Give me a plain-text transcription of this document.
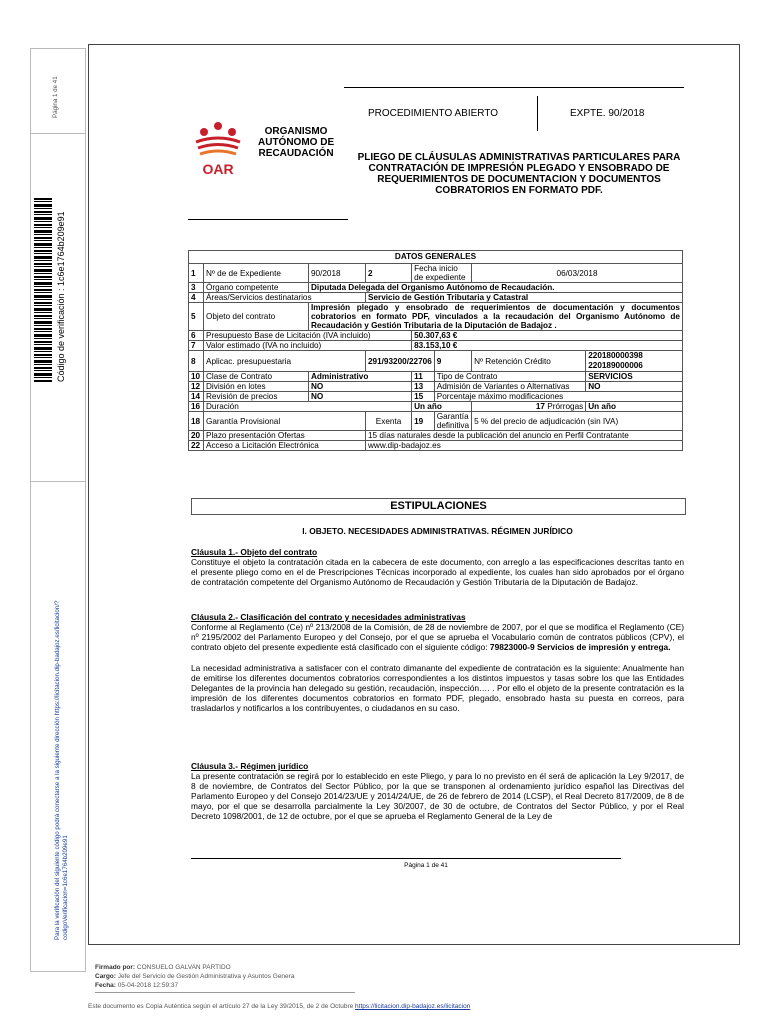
Página 1 de 41
Código de verificación : 1c6e1764b209e91
Para la verificación del siguiente código podrá conectarse a la siguiente dirección https://licitacion.dip-badajoz.es/licitacion/?codigoVerificacion=1c6e1764b209e91
PROCEDIMIENTO ABIERTO	EXPTE. 90/2018
OAR
ORGANISMO
AUTÓNOMO DE
RECAUDACIÓN	PLIEGO DE CLÁUSULAS ADMINISTRATIVAS PARTICULARES PARA CONTRATACIÓN DE IMPRESIÓN PLEGADO Y ENSOBRADO DE REQUERIMIENTOS DE DOCUMENTACION Y DOCUMENTOS COBRATORIOS EN FORMATO PDF.
DATOS GENERALES							
1	Nº de de Expediente	90/2018	2	Fecha inicio de expediente		06/03/2018	
3	Órgano competente	Diputada Delegada del Organismo Autónomo de Recaudación.					
4	Áreas/Servicios destinatarios		Servicio de Gestión Tributaria y Catastral				
5	Objeto del contrato	Impresión plegado y ensobrado de requerimientos de documentación y documentos cobratorios en formato PDF, vinculados a la recaudación del Organismo Autónomo de Recaudación y Gestión Tributaria de la Diputación de Badajoz .					
6	Presupuesto Base de Licitación (IVA incluido)			50.307,63 €			
7	Valor estimado (IVA no incluido)			83.153,10 €			
8	Aplicac. presupuestaria		291/93200/22706		9	Nº Retención Crédito	220180000398
220189000006

10	Clase de Contrato	Administrativo		11	Tipo de Contrato		SERVICIOS
12	División en lotes	NO		13	Admisión de Variantes o Alternativas		NO
14	Revisión de precios	NO		15	Porcentaje máximo modificaciones		
16	Duración			Un año		17 Prórrogas	Un año
18	Garantía Provisional		Exenta	19	Garantía definitiva	5 % del precio de adjudicación (sin IVA)	
20	Plazo presentación Ofertas		15 días naturales desde la publicación del anuncio en Perfil Contratante				
22	Acceso a Licitación Electrónica		www.dip-badajoz.es				
ESTIPULACIONES
I. OBJETO. NECESIDADES ADMINISTRATIVAS. RÉGIMEN JURÍDICO
Cláusula 1.- Objeto del contrato
Constituye el objeto la contratación citada en la cabecera de este documento, con arreglo a las especificaciones descritas tanto en el presente pliego como en el de Prescripciones Técnicas incorporado al expediente, los cuales han sido aprobados por el órgano de contratación competente del Organismo Autónomo de Recaudación y Gestión Tributaria de la Diputación de Badajoz.
Cláusula 2.- Clasificación del contrato y necesidades administrativas
Conforme al Reglamento (Ce) nº 213/2008 de la Comisión, de 28 de noviembre de 2007, por el que se modifica el Reglamento (CE) nº 2195/2002 del Parlamento Europeo y del Consejo, por el que se aprueba el Vocabulario común de contratos públicos (CPV), el contrato objeto del presente expediente está clasificado con el siguiente código: 79823000-9 Servicios de impresión y entrega.
La necesidad administrativa a satisfacer con el contrato dimanante del expediente de contratación es la siguiente: Anualmente han de emitirse los diferentes documentos cobratorios correspondientes a los distintos impuestos y tasas sobre los que las Entidades Delegantes de la provincia han delegado su gestión, recaudación, inspección…. . Por ello el objeto de la presente contratación es la impresión de los diferentes documentos cobratorios en formato PDF, plegado, ensobrado hasta su puesta en correos, para trasladarlos y notificarlos a los contribuyentes, o ciudadanos en su caso.
Cláusula 3.- Régimen jurídico
La presente contratación se regirá por lo establecido en este Pliego, y para lo no previsto en él será de aplicación la Ley 9/2017, de 8 de noviembre, de Contratos del Sector Público, por la que se transponen al ordenamiento jurídico español las Directivas del Parlamento Europeo y del Consejo 2014/23/UE y 2014/24/UE, de 26 de febrero de 2014 (LCSP), el Real Decreto 817/2009, de 8 de mayo, por el que se desarrolla parcialmente la Ley 30/2007, de 30 de octubre, de Contratos del Sector Público, y por el Real Decreto 1098/2001, de 12 de octubre, por el que se aprueba el Reglamento General de la Ley de
Página 1 de 41
Firmado por: CONSUELO GALVAN PARTIDO
Cargo: Jefe del Servicio de Gestión Administrativa y Asuntos Genera
Fecha: 05-04-2018 12:59:37
Este documento es Copia Auténtica según el artículo 27 de la Ley 39/2015, de 2 de Octubre https://licitacion.dip-badajoz.es/licitacion
